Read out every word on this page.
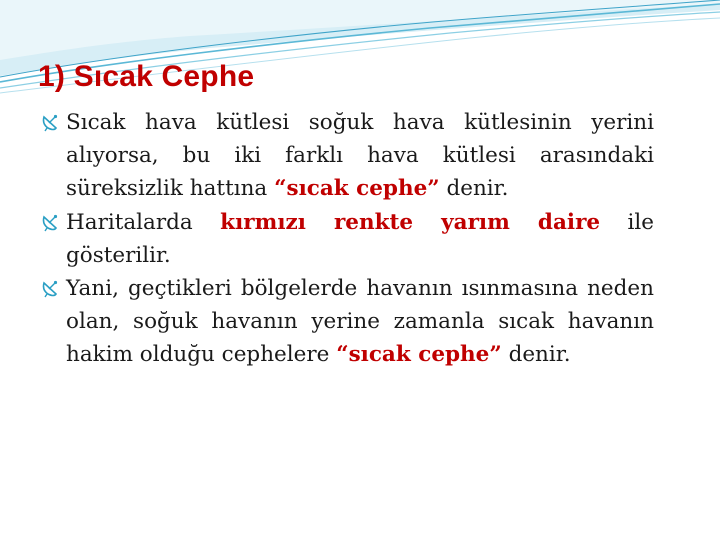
1) Sıcak Cephe

Sıcak hava kütlesi soğuk hava kütlesinin yerini alıyorsa, bu iki farklı hava kütlesi arasındaki süreksizlik hattına “sıcak cephe” denir.

Haritalarda kırmızı renkte yarım daire ile gösterilir.

Yani, geçtikleri bölgelerde havanın ısınmasına neden olan, soğuk havanın yerine zamanla sıcak havanın hakim olduğu cephelere “sıcak cephe” denir.
